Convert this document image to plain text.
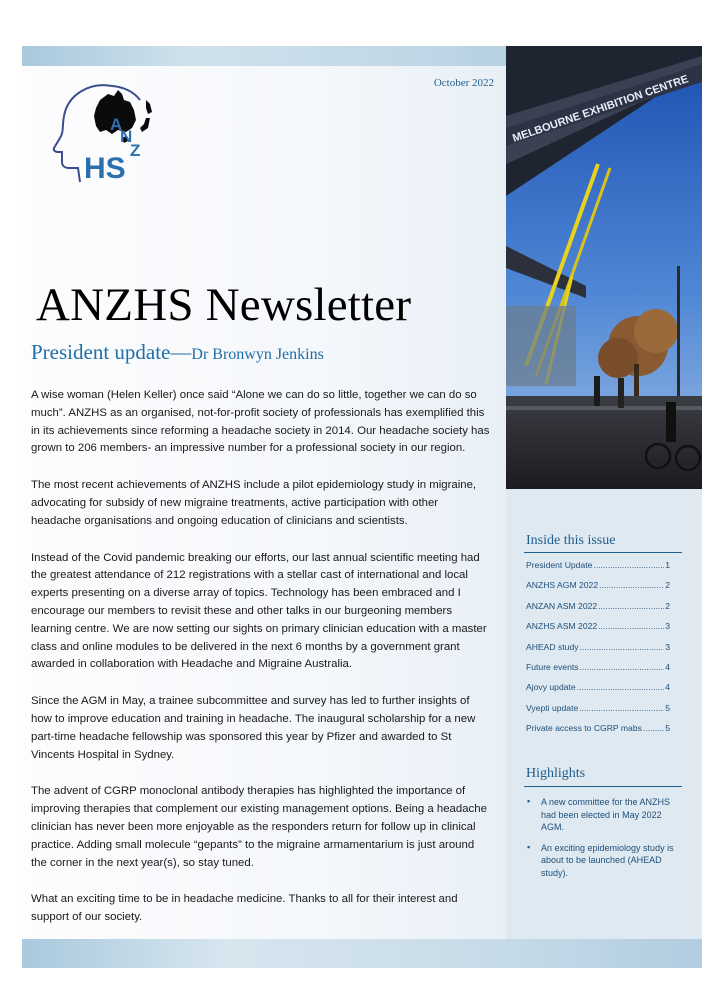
A
N
Z
HS
October 2022 MELBOURNE EXHIBITION CENTRE
ANZHS Newsletter
President update—Dr Bronwyn Jenkins

A wise woman (Helen Keller) once said “Alone we can do so little, together we can do so much”. ANZHS as an organised, not-for-profit society of professionals has exemplified this in its achievements since reforming a headache society in 2014. Our headache society has grown to 206 members- an impressive number for a professional society in our region.

The most recent achievements of ANZHS include a pilot epidemiology study in migraine, advocating for subsidy of new migraine treatments, active participation with other headache organisations and ongoing education of clinicians and scientists.

Instead of the Covid pandemic breaking our efforts, our last annual scientific meeting had the greatest attendance of 212 registrations with a stellar cast of international and local experts presenting on a diverse array of topics. Technology has been embraced and I encourage our members to revisit these and other talks in our burgeoning members learning centre. We are now setting our sights on primary clinician education with a master class and online modules to be delivered in the next 6 months by a government grant awarded in collaboration with Headache and Migraine Australia.

Since the AGM in May, a trainee subcommittee and survey has led to further insights of how to improve education and training in headache. The inaugural scholarship for a new part-time headache fellowship was sponsored this year by Pfizer and awarded to St Vincents Hospital in Sydney.

The advent of CGRP monoclonal antibody therapies has highlighted the importance of improving therapies that complement our existing management options. Being a headache clinician has never been more enjoyable as the responders return for follow up in clinical practice. Adding small molecule “gepants” to the migraine armamentarium is just around the corner in the next year(s), so stay tuned.

What an exciting time to be in headache medicine. Thanks to all for their interest and support of our society.

Inside this issue
President Update .....	1
ANZHS AGM 2022 .....	2
ANZAN ASM 2022 .....	2
ANZHS ASM 2022 .....	3
AHEAD study .....	3
Future events .....	4
Ajovy update .....	4
Vyepti update .....	5
Private access to CGRP mabs .....	5
Highlights
▪ A new committee for the ANZHS had been elected in May 2022 AGM.
▪ An exciting epidemiology study is about to be launched (AHEAD study).
